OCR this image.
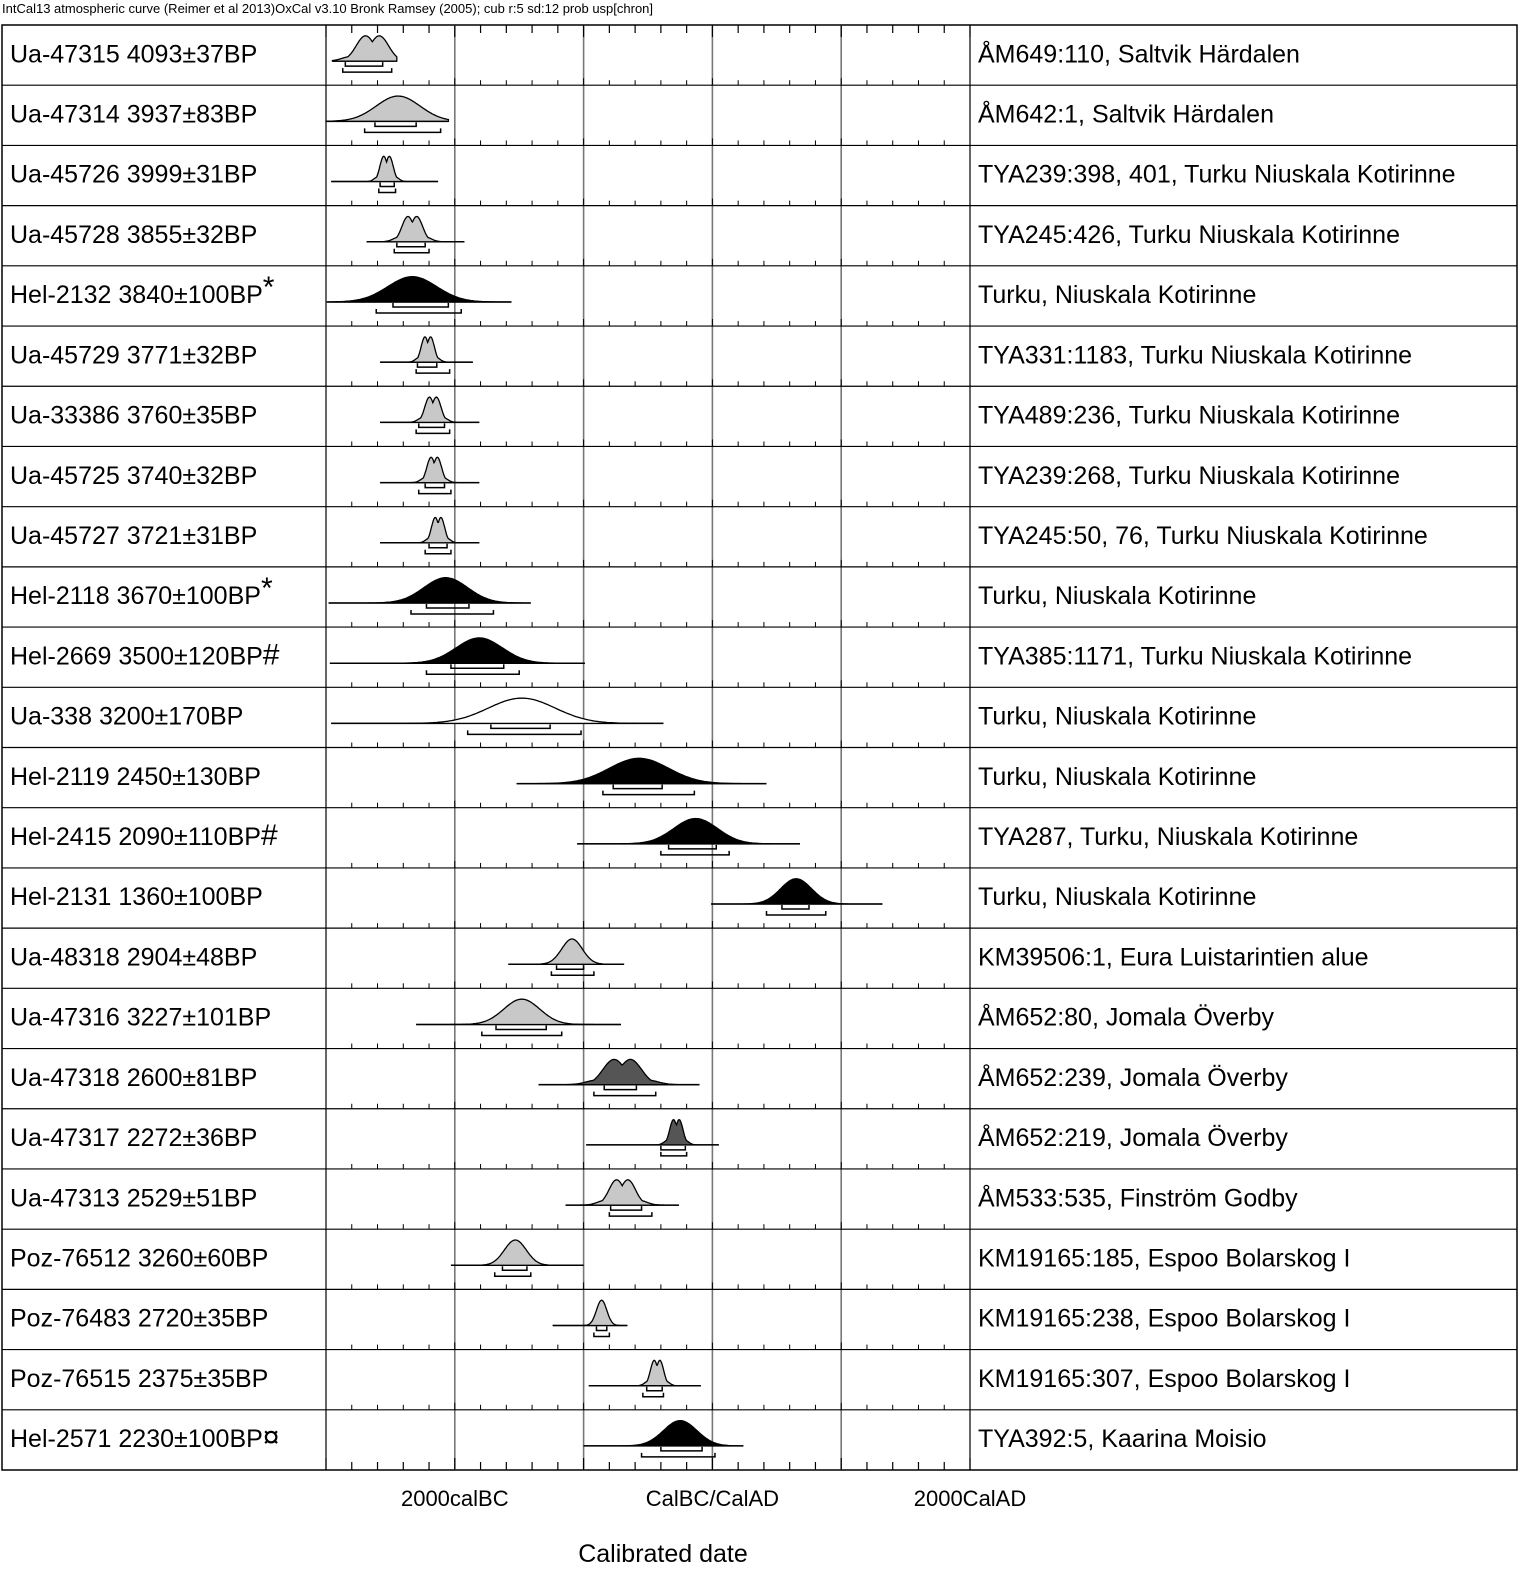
IntCal13 atmospheric curve (Reimer et al 2013)OxCal v3.10 Bronk Ramsey (2005); cub r:5 sd:12 prob usp[chron]
Ua-47315 4093±37BP	ÅM649:110, Saltvik Härdalen
Ua-47314 3937±83BP	ÅM642:1, Saltvik Härdalen
Ua-45726 3999±31BP	TYA239:398, 401, Turku Niuskala Kotirinne
Ua-45728 3855±32BP	TYA245:426, Turku Niuskala Kotirinne
Hel-2132 3840±100BP*	Turku, Niuskala Kotirinne
Ua-45729 3771±32BP	TYA331:1183, Turku Niuskala Kotirinne
Ua-33386 3760±35BP	TYA489:236, Turku Niuskala Kotirinne
Ua-45725 3740±32BP	TYA239:268, Turku Niuskala Kotirinne
Ua-45727 3721±31BP	TYA245:50, 76, Turku Niuskala Kotirinne
Hel-2118 3670±100BP*	Turku, Niuskala Kotirinne
Hel-2669 3500±120BP#	TYA385:1171, Turku Niuskala Kotirinne
Ua-338 3200±170BP	Turku, Niuskala Kotirinne
Hel-2119 2450±130BP	Turku, Niuskala Kotirinne
Hel-2415 2090±110BP#	TYA287, Turku, Niuskala Kotirinne
Hel-2131 1360±100BP	Turku, Niuskala Kotirinne
Ua-48318 2904±48BP	KM39506:1, Eura Luistarintien alue
Ua-47316 3227±101BP	ÅM652:80, Jomala Överby
Ua-47318 2600±81BP	ÅM652:239, Jomala Överby
Ua-47317 2272±36BP	ÅM652:219, Jomala Överby
Ua-47313 2529±51BP	ÅM533:535, Finström Godby
Poz-76512 3260±60BP	KM19165:185, Espoo Bolarskog I
Poz-76483 2720±35BP	KM19165:238, Espoo Bolarskog I
Poz-76515 2375±35BP	KM19165:307, Espoo Bolarskog I
Hel-2571 2230±100BP¤	TYA392:5, Kaarina Moisio
2000calBC	CalBC/CalAD	2000CalAD
Calibrated date
